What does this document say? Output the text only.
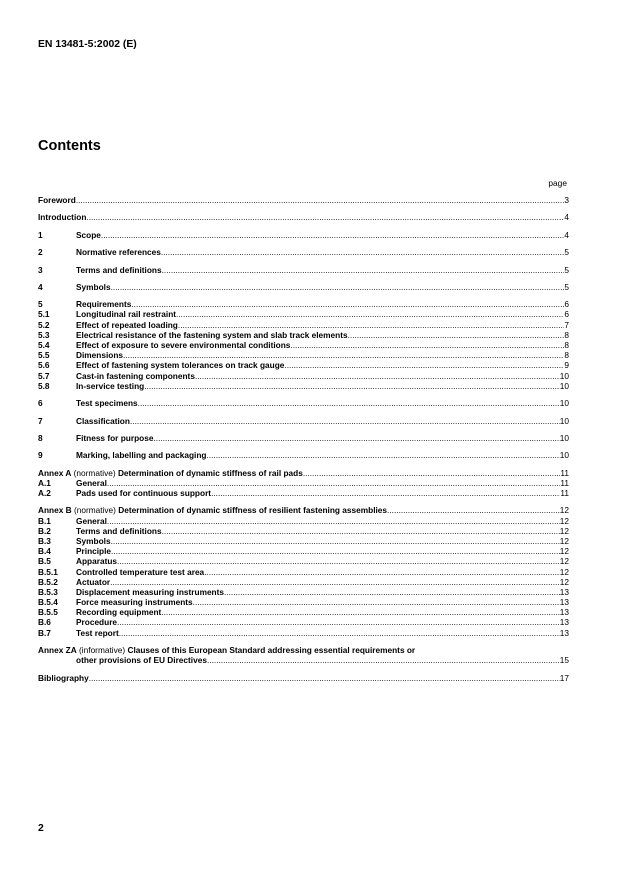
EN 13481-5:2002 (E)
Contents
page
Foreword .....	3
Introduction .....	4
1	Scope .....	4
2	Normative references .....	5
3	Terms and definitions .....	5
4	Symbols .....	5
5	Requirements .....	6
5.1	Longitudinal rail restraint .....	6
5.2	Effect of repeated loading .....	7
5.3	Electrical resistance of the fastening system and slab track elements .....	8
5.4	Effect of exposure to severe environmental conditions .....	8
5.5	Dimensions .....	8
5.6	Effect of fastening system tolerances on track gauge .....	9
5.7	Cast-in fastening components .....	10
5.8	In-service testing .....	10
6	Test specimens .....	10
7	Classification .....	10
8	Fitness for purpose .....	10
9	Marking, labelling and packaging .....	10
Annex A (normative) Determination of dynamic stiffness of rail pads .....	11
A.1	General .....	11
A.2	Pads used for continuous support .....	11
Annex B (normative) Determination of dynamic stiffness of resilient fastening assemblies .....	12
B.1	General .....	12
B.2	Terms and definitions .....	12
B.3	Symbols .....	12
B.4	Principle .....	12
B.5	Apparatus .....	12
B.5.1 Controlled temperature test area .....	12
B.5.2 Actuator .....	12
B.5.3 Displacement measuring instruments .....	13
B.5.4 Force measuring instruments .....	13
B.5.5 Recording equipment .....	13
B.6	Procedure .....	13
B.7	Test report .....	13
Annex ZA (informative) Clauses of this European Standard addressing essential requirements or
other provisions of EU Directives .....	15
Bibliography .....	17
2
